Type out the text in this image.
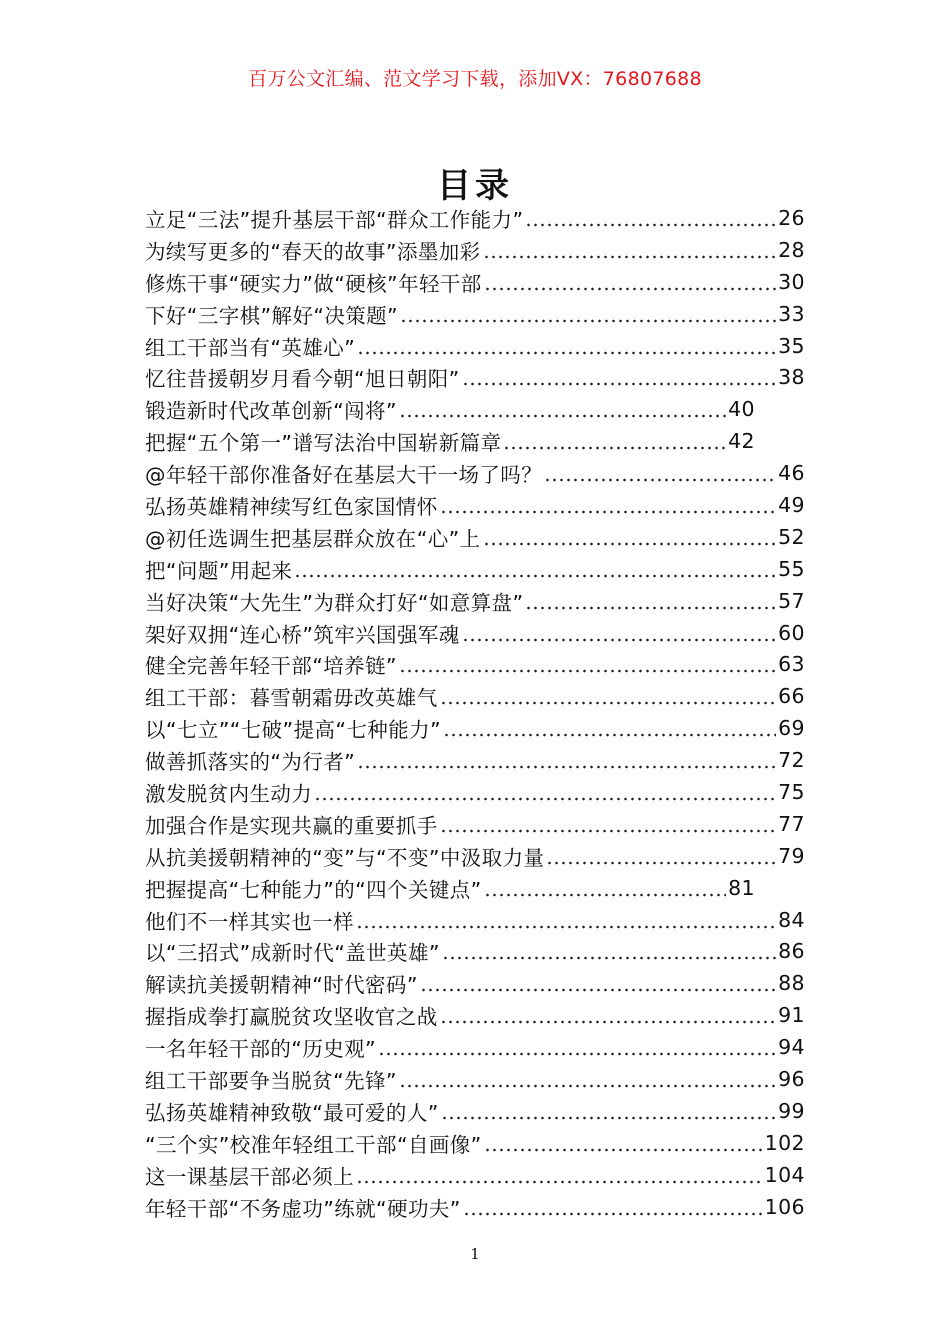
百万公文汇编、范文学习下载，添加VX：76807688
目录
立足“三法”提升基层干部“群众工作能力”	26
为续写更多的“春天的故事”添墨加彩	28
修炼干事“硬实力”做“硬核”年轻干部	30
下好“三字棋”解好“决策题”	33
组工干部当有“英雄心”	35
忆往昔援朝岁月看今朝“旭日朝阳”	38
锻造新时代改革创新“闯将”	40
把握“五个第一”谱写法治中国崭新篇章	42
@年轻干部你准备好在基层大干一场了吗？	46
弘扬英雄精神续写红色家国情怀	49
@初任选调生把基层群众放在“心”上	52
把“问题”用起来	55
当好决策“大先生”为群众打好“如意算盘”	57
架好双拥“连心桥”筑牢兴国强军魂	60
健全完善年轻干部“培养链”	63
组工干部：暮雪朝霜毋改英雄气	66
以“七立”“七破”提高“七种能力”	69
做善抓落实的“为行者”	72
激发脱贫内生动力	75
加强合作是实现共赢的重要抓手	77
从抗美援朝精神的“变”与“不变”中汲取力量	79
把握提高“七种能力”的“四个关键点”	81
他们不一样其实也一样	84
以“三招式”成新时代“盖世英雄”	86
解读抗美援朝精神“时代密码”	88
握指成拳打赢脱贫攻坚收官之战	91
一名年轻干部的“历史观”	94
组工干部要争当脱贫“先锋”	96
弘扬英雄精神致敬“最可爱的人”	99
“三个实”校准年轻组工干部“自画像”	102
这一课基层干部必须上	104
年轻干部“不务虚功”练就“硬功夫”	106
1
